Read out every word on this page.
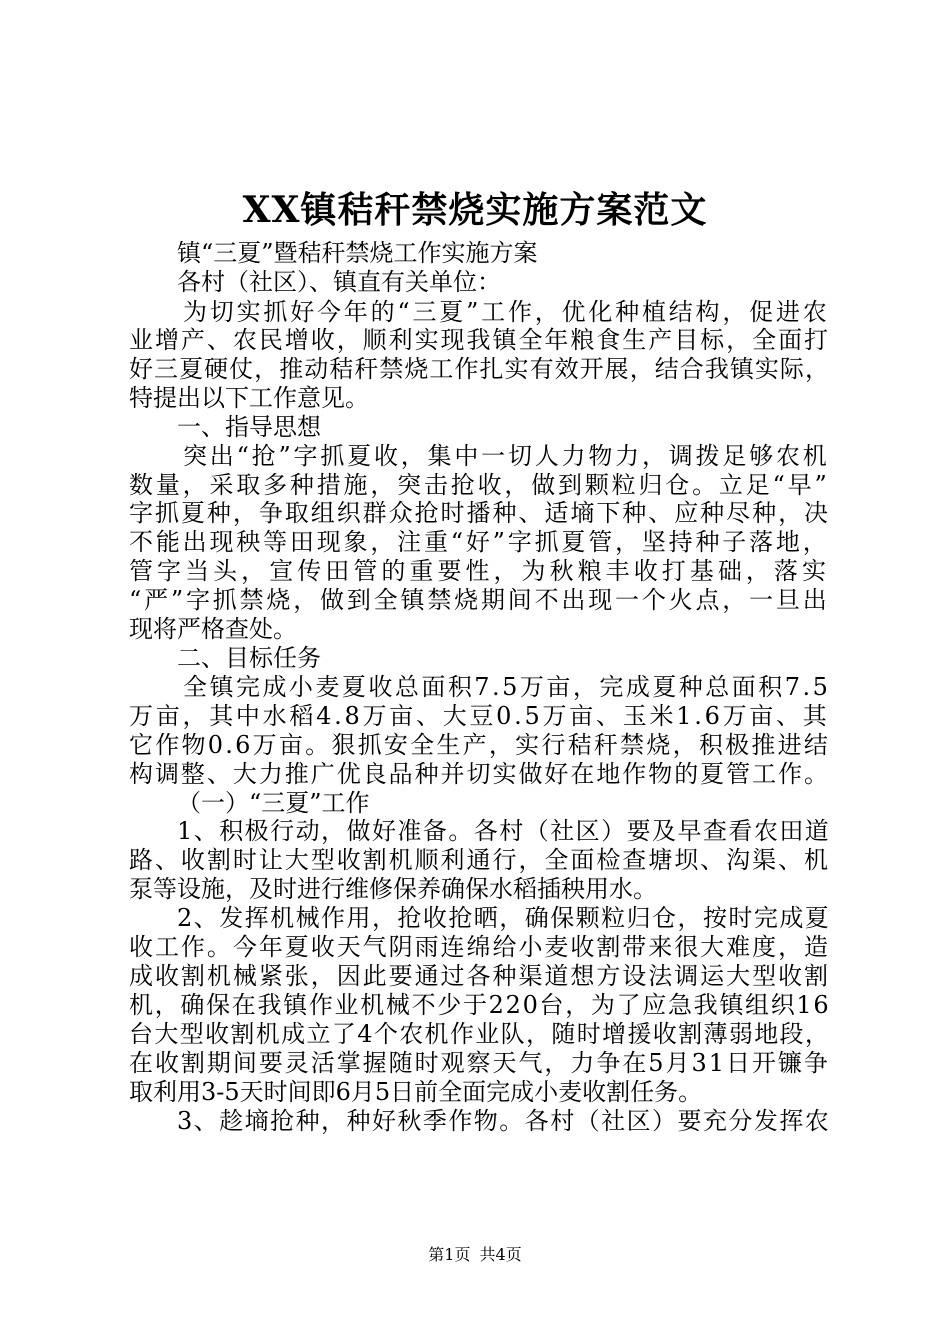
XX镇秸秆禁烧实施方案范文
镇“三夏”暨秸秆禁烧工作实施方案
各村（社区）、镇直有关单位：
为切实抓好今年的“三夏”工作，优化种植结构，促进农
业增产、农民增收，顺利实现我镇全年粮食生产目标，全面打
好三夏硬仗，推动秸秆禁烧工作扎实有效开展，结合我镇实际，
特提出以下工作意见。
一、指导思想
突出“抢”字抓夏收，集中一切人力物力，调拨足够农机
数量，采取多种措施，突击抢收，做到颗粒归仓。立足“早”
字抓夏种，争取组织群众抢时播种、适墒下种、应种尽种，决
不能出现秧等田现象，注重“好”字抓夏管，坚持种子落地，
管字当头，宣传田管的重要性，为秋粮丰收打基础，落实
“严”字抓禁烧，做到全镇禁烧期间不出现一个火点，一旦出
现将严格查处。
二、目标任务
全镇完成小麦夏收总面积7.5万亩，完成夏种总面积7.5
万亩，其中水稻4.8万亩、大豆0.5万亩、玉米1.6万亩、其
它作物0.6万亩。狠抓安全生产，实行秸秆禁烧，积极推进结
构调整、大力推广优良品种并切实做好在地作物的夏管工作。
（一）“三夏”工作
1、积极行动，做好准备。各村（社区）要及早查看农田道
路、收割时让大型收割机顺利通行，全面检查塘坝、沟渠、机
泵等设施，及时进行维修保养确保水稻插秧用水。
2、发挥机械作用，抢收抢晒，确保颗粒归仓，按时完成夏
收工作。今年夏收天气阴雨连绵给小麦收割带来很大难度，造
成收割机械紧张，因此要通过各种渠道想方设法调运大型收割
机，确保在我镇作业机械不少于220台，为了应急我镇组织16
台大型收割机成立了4个农机作业队，随时增援收割薄弱地段，
在收割期间要灵活掌握随时观察天气，力争在5月31日开镰争
取利用3-5天时间即6月5日前全面完成小麦收割任务。
3、趁墒抢种，种好秋季作物。各村（社区）要充分发挥农
第1页 共4页
